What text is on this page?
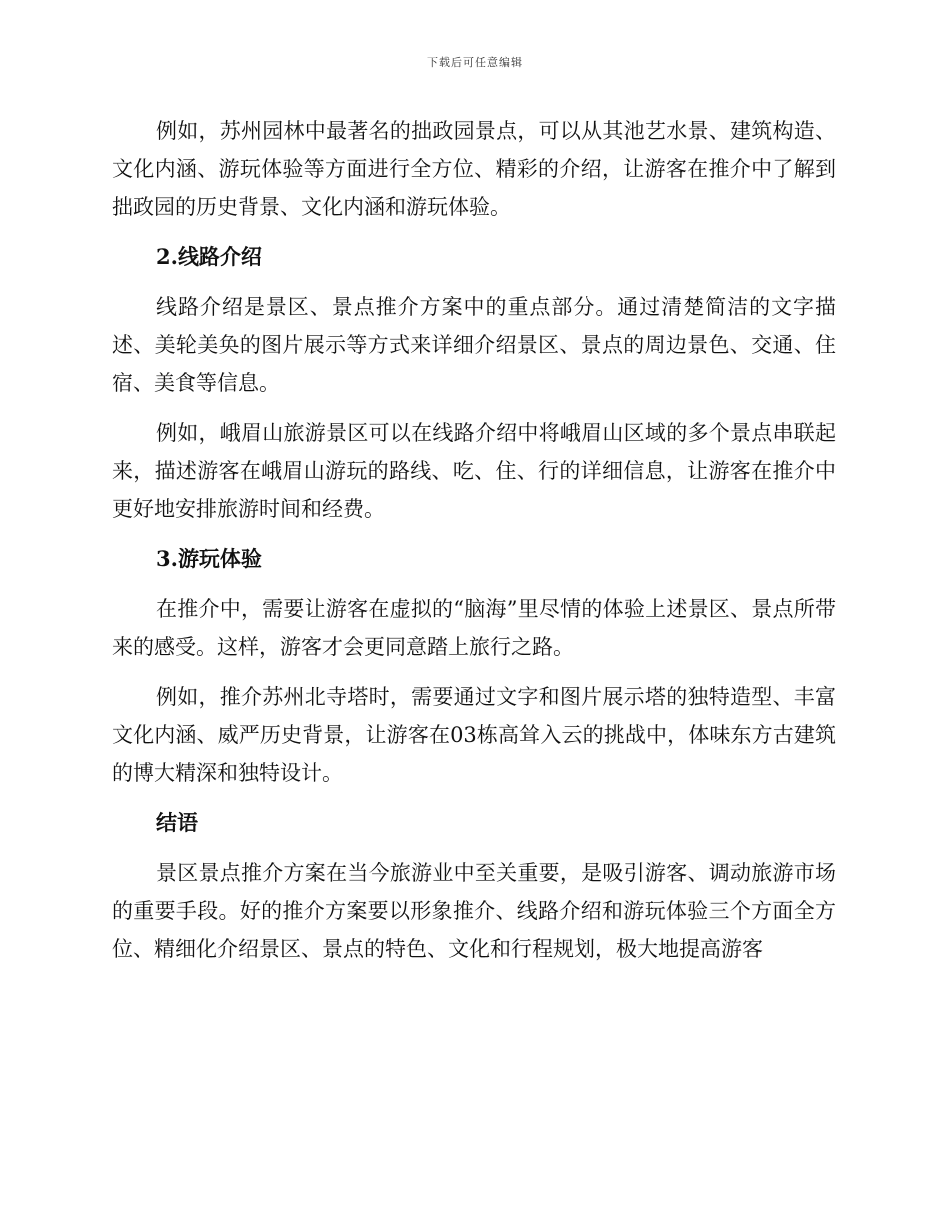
下载后可任意编辑

例如，苏州园林中最著名的拙政园景点，可以从其池艺水景、建筑构造、文化内涵、游玩体验等方面进行全方位、精彩的介绍，让游客在推介中了解到拙政园的历史背景、文化内涵和游玩体验。

2.线路介绍

线路介绍是景区、景点推介方案中的重点部分。通过清楚简洁的文字描述、美轮美奂的图片展示等方式来详细介绍景区、景点的周边景色、交通、住宿、美食等信息。

例如，峨眉山旅游景区可以在线路介绍中将峨眉山区域的多个景点串联起来，描述游客在峨眉山游玩的路线、吃、住、行的详细信息，让游客在推介中更好地安排旅游时间和经费。

3.游玩体验

在推介中，需要让游客在虚拟的“脑海”里尽情的体验上述景区、景点所带来的感受。这样，游客才会更同意踏上旅行之路。

例如，推介苏州北寺塔时，需要通过文字和图片展示塔的独特造型、丰富文化内涵、威严历史背景，让游客在03栋高耸入云的挑战中，体味东方古建筑的博大精深和独特设计。

结语

景区景点推介方案在当今旅游业中至关重要，是吸引游客、调动旅游市场的重要手段。好的推介方案要以形象推介、线路介绍和游玩体验三个方面全方位、精细化介绍景区、景点的特色、文化和行程规划，极大地提高游客
